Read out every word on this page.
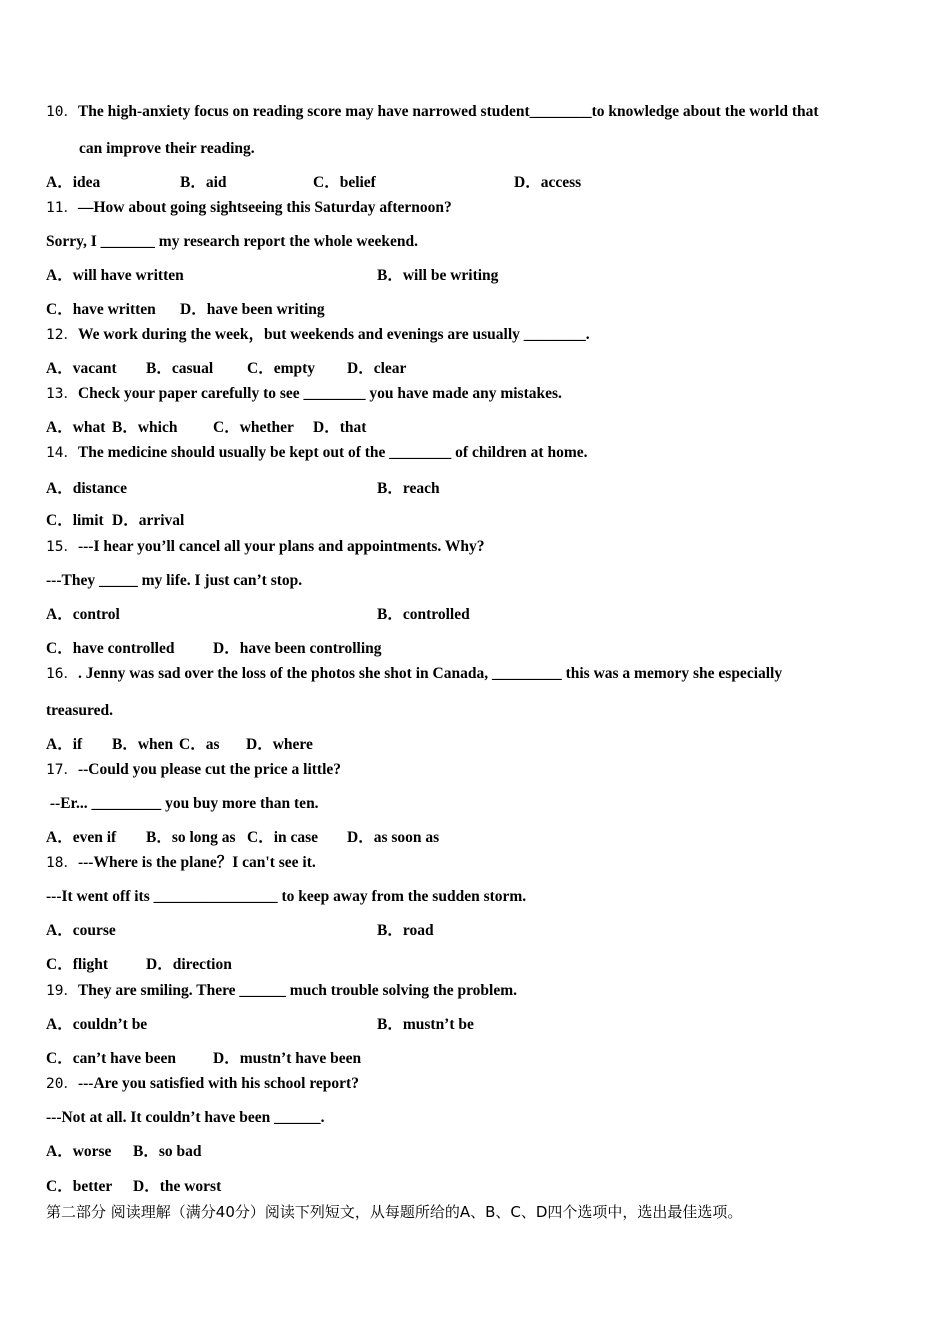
10．The high-anxiety focus on reading score may have narrowed student________to knowledge about the world that
can improve their reading.
A．idea	B．aid	C．belief	D．access
11．—How about going sightseeing this Saturday afternoon?
Sorry, I _______ my research report the whole weekend.
A．will have written	B．will be writing
C．have written D．have been writing
12．We work during the week，but weekends and evenings are usually ________.
A．vacant B．casual C．empty D．clear
13．Check your paper carefully to see ________ you have made any mistakes.
A．what B．which C．whether D．that
14．The medicine should usually be kept out of the ________ of children at home.
A．distance	B．reach
C．limit D．arrival
15．---I hear you’ll cancel all your plans and appointments. Why?
---They _____ my life. I just can’t stop.
A．control	B．controlled
C．have controlled D．have been controlling
16．. Jenny was sad over the loss of the photos she shot in Canada, _________ this was a memory she especially
treasured.
A．if B．when C．as D．where
17．--Could you please cut the price a little?
--Er... _________ you buy more than ten.
A．even if B．so long as C．in case D．as soon as
18．---Where is the plane？I can't see it.
---It went off its ________________ to keep away from the sudden storm.
A．course	B．road
C．flight D．direction
19．They are smiling. There ______ much trouble solving the problem.
A．couldn’t be	B．mustn’t be
C．can’t have been D．mustn’t have been
20．---Are you satisfied with his school report?
---Not at all. It couldn’t have been ______.
A．worse B．so bad
C．better D．the worst
第二部分 阅读理解（满分40分）阅读下列短文，从每题所给的A、B、C、D四个选项中，选出最佳选项。
